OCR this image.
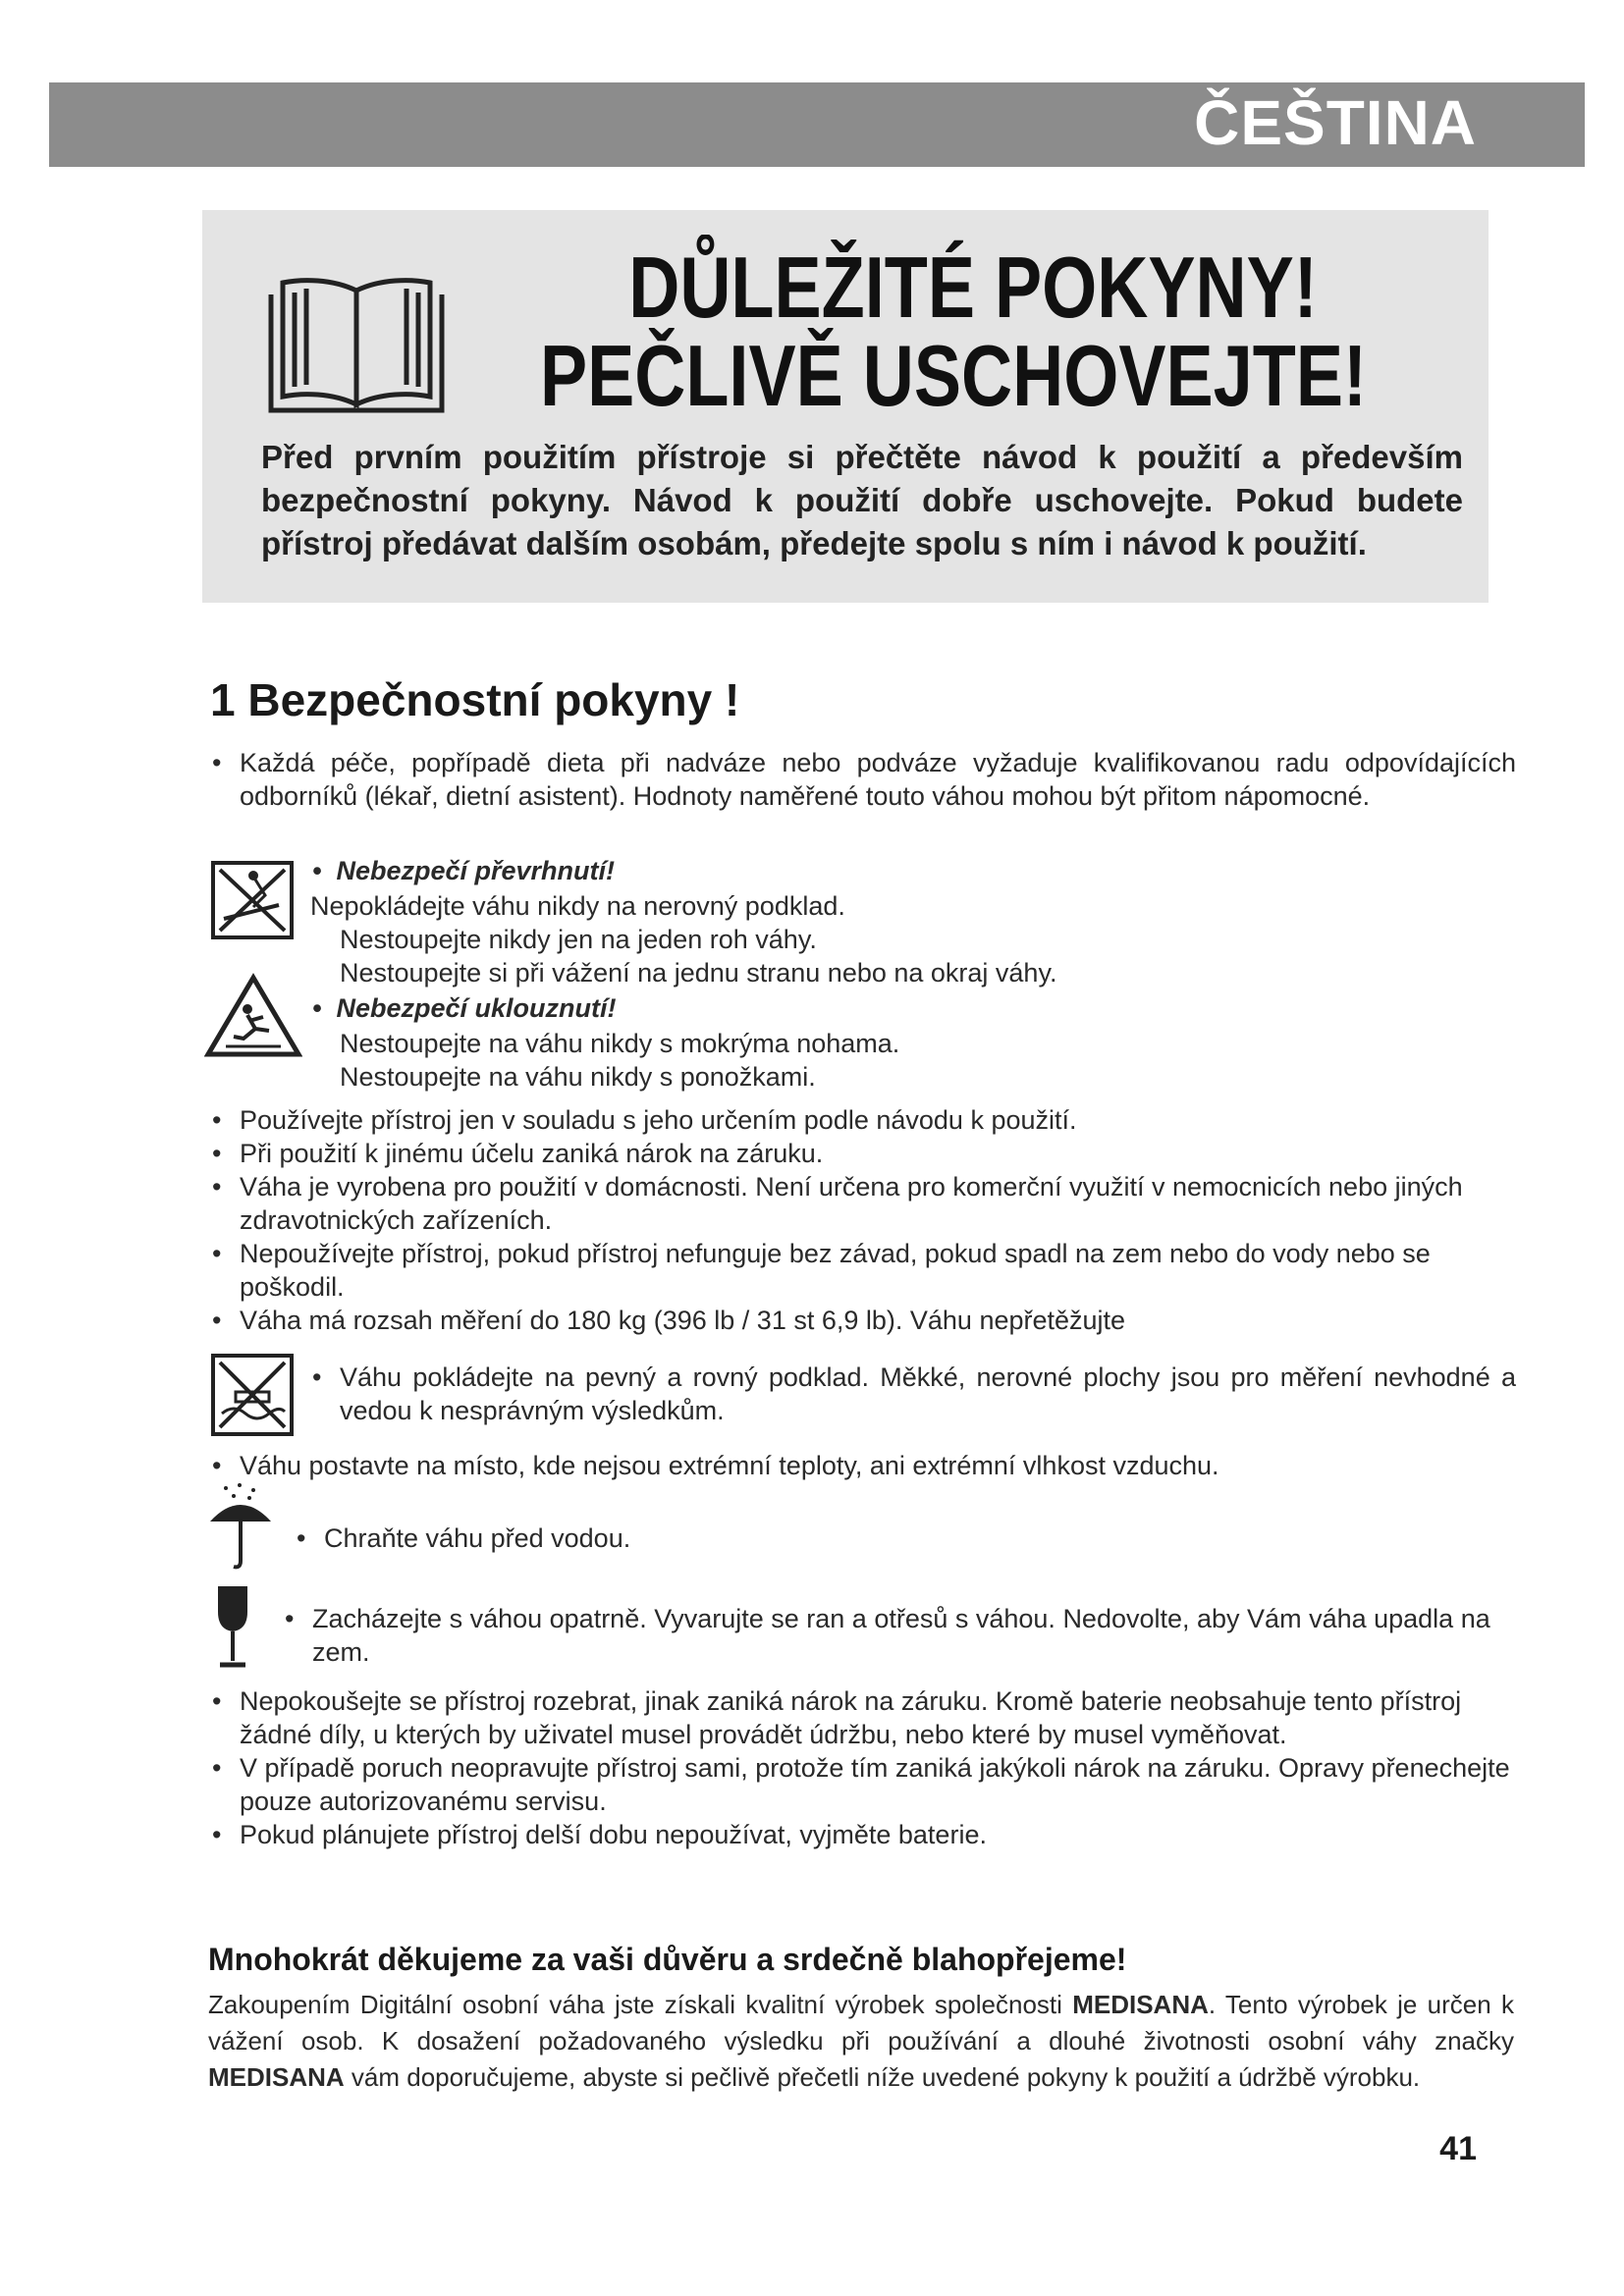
ČEŠTINA
DŮLEŽITÉ POKYNY!
PEČLIVĚ USCHOVEJTE!
Před prvním použitím přístroje si přečtěte návod k použití a především bezpečnostní pokyny. Návod k použití dobře uschovejte. Pokud budete přístroj předávat dalším osobám, předejte spolu s ním i návod k použití.
1 Bezpečnostní pokyny !
• Každá péče, popřípadě dieta při nadváze nebo podváze vyžaduje kvalifikovanou radu odpovídajících odborníků (lékař, dietní asistent). Hodnoty naměřené touto váhou mohou být přitom nápomocné.
•  Nebezpečí převrhnutí!
Nepokládejte váhu nikdy na nerovný podklad.
Nestoupejte nikdy jen na jeden roh váhy.
Nestoupejte si při vážení na jednu stranu nebo na okraj váhy.
•  Nebezpečí uklouznutí!
Nestoupejte na váhu nikdy s mokrýma nohama.
Nestoupejte na váhu nikdy s ponožkami.
• Používejte přístroj jen v souladu s jeho určením podle návodu k použití.
• Při použití k jinému účelu zaniká nárok na záruku.
• Váha je vyrobena pro použití v domácnosti. Není určena pro komerční využití v nemocnicích nebo jiných zdravotnických zařízeních.
• Nepoužívejte přístroj, pokud přístroj nefunguje bez závad, pokud spadl na zem nebo do vody nebo se poškodil.
• Váha má rozsah měření do 180 kg (396 lb / 31 st 6,9 lb). Váhu nepřetěžujte
• Váhu pokládejte na pevný a rovný podklad. Měkké, nerovné plochy jsou pro měření nevhodné a vedou k nesprávným výsledkům.
• Váhu postavte na místo, kde nejsou extrémní teploty, ani extrémní vlhkost vzduchu.
• Chraňte váhu před vodou.
• Zacházejte s váhou opatrně. Vyvarujte se ran a otřesů s váhou. Nedovolte, aby Vám váha upadla na zem.
• Nepokoušejte se přístroj rozebrat, jinak zaniká nárok na záruku. Kromě baterie neobsahuje tento přístroj žádné díly, u kterých by uživatel musel provádět údržbu, nebo které by musel vyměňovat.
• V případě poruch neopravujte přístroj sami, protože tím zaniká jakýkoli nárok na záruku. Opravy přenechejte pouze autorizovanému servisu.
• Pokud plánujete přístroj delší dobu nepoužívat, vyjměte baterie.
Mnohokrát děkujeme za vaši důvěru a srdečně blahopřejeme!
Zakoupením Digitální osobní váha jste získali kvalitní výrobek společnosti MEDISANA. Tento výrobek je určen k vážení osob. K dosažení požadovaného výsledku při používání a dlouhé životnosti osobní váhy značky MEDISANA vám doporučujeme, abyste si pečlivě přečetli níže uvedené pokyny k použití a údržbě výrobku.
41
